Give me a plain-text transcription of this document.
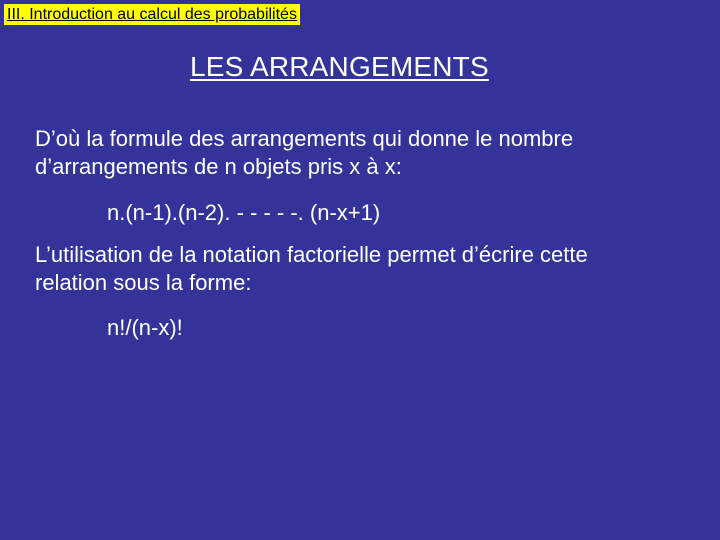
III. Introduction au calcul des probabilités
LES ARRANGEMENTS

D’où la formule des arrangements qui donne le nombre
d’arrangements de n objets pris x à x:

n.(n-1).(n-2). - - - - -. (n-x+1)

L’utilisation de la notation factorielle permet d’écrire cette
relation sous la forme:

n!/(n-x)!
